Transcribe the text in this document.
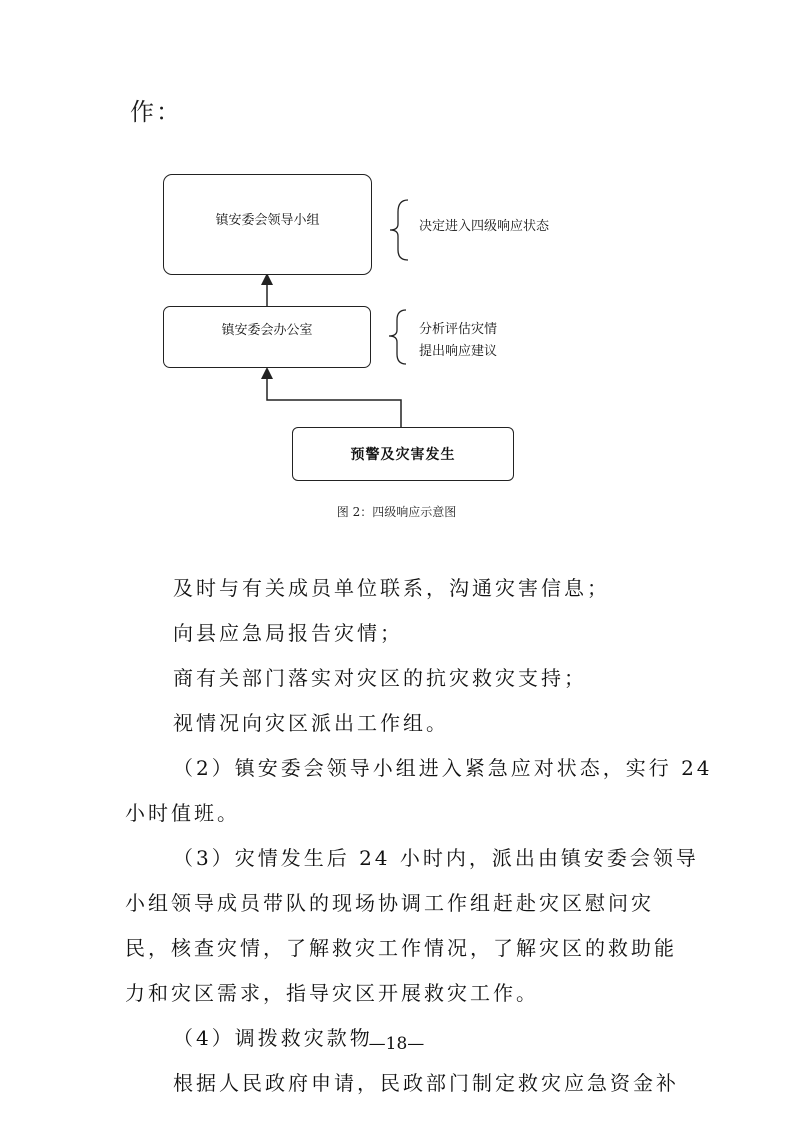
作：
镇安委会领导小组
镇安委会办公室
预警及灾害发生
决定进入四级响应状态
分析评估灾情
提出响应建议
图 2：四级响应示意图
及时与有关成员单位联系，沟通灾害信息；
向县应急局报告灾情；
商有关部门落实对灾区的抗灾救灾支持；
视情况向灾区派出工作组。
（2）镇安委会领导小组进入紧急应对状态，实行 24
小时值班。
（3）灾情发生后 24 小时内，派出由镇安委会领导
小组领导成员带队的现场协调工作组赶赴灾区慰问灾
民，核查灾情，了解救灾工作情况，了解灾区的救助能
力和灾区需求，指导灾区开展救灾工作。
（4）调拨救灾款物
根据人民政府申请，民政部门制定救灾应急资金补
—18—
